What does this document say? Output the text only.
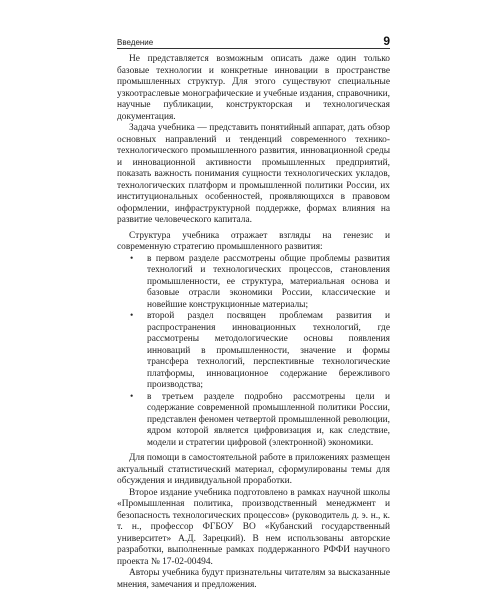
Введение	9

Не представляется возможным описать даже один только базовые технологии и конкретные инновации в пространстве промышленных структур. Для этого существуют специальные узкоотраслевые монографические и учебные издания, справочники, научные публикации, конструкторская и технологическая документация.

Задача учебника — представить понятийный аппарат, дать обзор основных направлений и тенденций современного технико-технологического промышленного развития, инновационной среды и инновационной активности промышленных предприятий, показать важность понимания сущности технологических укладов, технологических платформ и промышленной политики России, их институциональных особенностей, проявляющихся в правовом оформлении, инфраструктурной поддержке, формах влияния на развитие человеческого капитала.

Структура учебника отражает взгляды на генезис и современную стратегию промышленного развития:

• в первом разделе рассмотрены общие проблемы развития технологий и технологических процессов, становления промышленности, ее структура, материальная основа и базовые отрасли экономики России, классические и новейшие конструкционные материалы;
• второй раздел посвящен проблемам развития и распространения инновационных технологий, где рассмотрены методологические основы появления инноваций в промышленности, значение и формы трансфера технологий, перспективные технологические платформы, инновационное содержание бережливого производства;
• в третьем разделе подробно рассмотрены цели и содержание современной промышленной политики России, представлен феномен четвертой промышленной революции, ядром которой является цифровизация и, как следствие, модели и стратегии цифровой (электронной) экономики.

Для помощи в самостоятельной работе в приложениях размещен актуальный статистический материал, сформулированы темы для обсуждения и индивидуальной проработки.

Второе издание учебника подготовлено в рамках научной школы «Промышленная политика, производственный менеджмент и безопасность технологических процессов» (руководитель д. э. н., к. т. н., профессор ФГБОУ ВО «Кубанский государственный университет» А.Д. Зарецкий). В нем использованы авторские разработки, выполненные рамках поддержанного РФФИ научного проекта № 17-02-00494.

Авторы учебника будут признательны читателям за высказанные мнения, замечания и предложения.
